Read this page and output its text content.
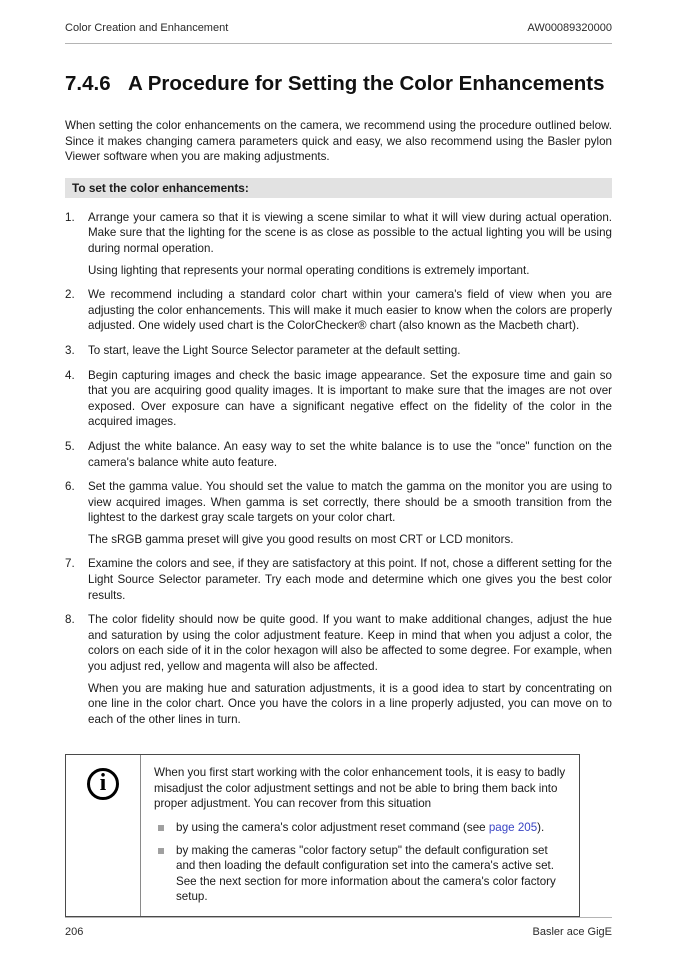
Color Creation and Enhancement	AW00089320000
7.4.6 A Procedure for Setting the Color Enhancements

When setting the color enhancements on the camera, we recommend using the procedure outlined below. Since it makes changing camera parameters quick and easy, we also recommend using the Basler pylon Viewer software when you are making adjustments.

To set the color enhancements:
1.	Arrange your camera so that it is viewing a scene similar to what it will view during actual operation. Make sure that the lighting for the scene is as close as possible to the actual lighting you will be using during normal operation.

Using lighting that represents your normal operating conditions is extremely important.

2.	We recommend including a standard color chart within your camera's field of view when you are adjusting the color enhancements. This will make it much easier to know when the colors are properly adjusted. One widely used chart is the ColorChecker® chart (also known as the Macbeth chart).

3.	To start, leave the Light Source Selector parameter at the default setting.

4.	Begin capturing images and check the basic image appearance. Set the exposure time and gain so that you are acquiring good quality images. It is important to make sure that the images are not over exposed. Over exposure can have a significant negative effect on the fidelity of the color in the acquired images.

5.	Adjust the white balance. An easy way to set the white balance is to use the "once" function on the camera's balance white auto feature.

6.	Set the gamma value. You should set the value to match the gamma on the monitor you are using to view acquired images. When gamma is set correctly, there should be a smooth transition from the lightest to the darkest gray scale targets on your color chart.

The sRGB gamma preset will give you good results on most CRT or LCD monitors.

7.	Examine the colors and see, if they are satisfactory at this point. If not, chose a different setting for the Light Source Selector parameter. Try each mode and determine which one gives you the best color results.

8.	The color fidelity should now be quite good. If you want to make additional changes, adjust the hue and saturation by using the color adjustment feature. Keep in mind that when you adjust a color, the colors on each side of it in the color hexagon will also be affected to some degree. For example, when you adjust red, yellow and magenta will also be affected.

When you are making hue and saturation adjustments, it is a good idea to start by concentrating on one line in the color chart. Once you have the colors in a line properly adjusted, you can move on to each of the other lines in turn.

i	When you first start working with the color enhancement tools, it is easy to badly misadjust the color adjustment settings and not be able to bring them back into proper adjustment. You can recover from this situation

by using the camera's color adjustment reset command (see page 205).

by making the cameras "color factory setup" the default configuration set and then loading the default configuration set into the camera's active set. See the next section for more information about the camera's color factory setup.

206	Basler ace GigE
